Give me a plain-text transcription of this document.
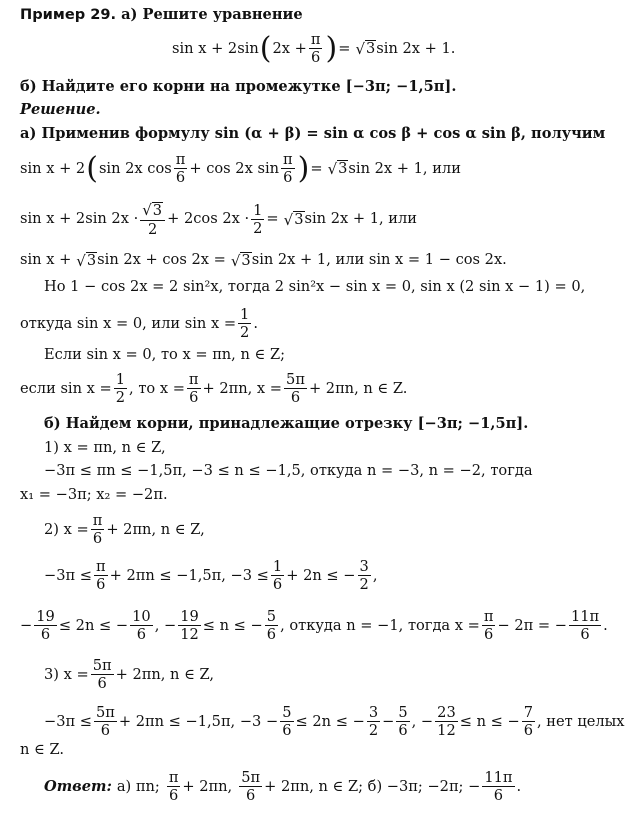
Пример 29. а) Решите уравнение
sin x + 2sin ( $2x + \frac{\pi}{6}$ ) = √ 3 sin 2x + 1.
б) Найдите его корни на промежутке [−3π; −1,5π].
Решение.
а) Применив формулу sin (α + β) = sin α cos β + cos α sin β, получим
sin x + 2 ( sin 2x $\cos \frac{\pi}{6} + \cos 2x$ $\sin \frac{\pi}{6}$ ) = √ 3 sin 2x + 1, или
sin x + 2sin $2x \cdot \frac{√ 3}{2} + 2\cos$ $2x \cdot \frac{1}{2}$ = √ 3 sin 2x + 1, или
sin x + √ 3 sin 2x + cos 2x = √ 3 sin 2x + 1, или sin x = 1 − cos 2x.
Но 1 − cos 2x = 2 sin²x, тогда 2 sin²x − sin x = 0, sin x (2 sin x − 1) = 0,
откуда sin x = 0, или $\sin x = \frac{1}{2}$ .
Если sin x = 0, то x = πn, n ∈ Z;
если $\sin x = \frac{1}{2}$ , то $x = \frac{\pi}{6} + 2\pi n$, $x = \frac{5\pi}{6} + 2\pi n$, n ∈ Z.
б) Найдем корни, принадлежащие отрезку [−3π; −1,5π].
1) x = πn, n ∈ Z,
−3π ≤ πn ≤ −1,5π, −3 ≤ n ≤ −1,5, откуда n = −3, n = −2, тогда
x₁ = −3π; x₂ = −2π.
2) $x = \frac{\pi}{6} + 2\pi n$, n ∈ Z,
$-3\pi \le \frac{\pi}{6} + 2\pi n \le -1,5\pi$, $-3 \le \frac{1}{6} + 2n$ ≤ − $\frac{3}{2}$ ,
− $\frac{19}{6} \le 2n$ ≤ − $\frac{10}{6}$ , − $\frac{19}{12} \le n$ ≤ − $\frac{5}{6}$ , откуда n = −1, тогда $x = \frac{\pi}{6} - 2\pi$ = − $\frac{11\pi}{6}$ .
3) $x = \frac{5\pi}{6} + 2\pi n$, n ∈ Z,
$-3\pi \le \frac{5\pi}{6} + 2\pi n \le -1,5\pi$, $-3 - \frac{5}{6} \le 2n$ ≤ − $\frac{3}{2} - \frac{5}{6}$ , − $\frac{23}{12} \le n$ ≤ − $\frac{7}{6}$ , нет целых
n ∈ Z.
Ответ: а) πn; $\frac{\pi}{6} + 2\pi n$, $\frac{5\pi}{6} + 2\pi n$, n ∈ Z; б) −3π; −2π; − $\frac{11\pi}{6}$ .
